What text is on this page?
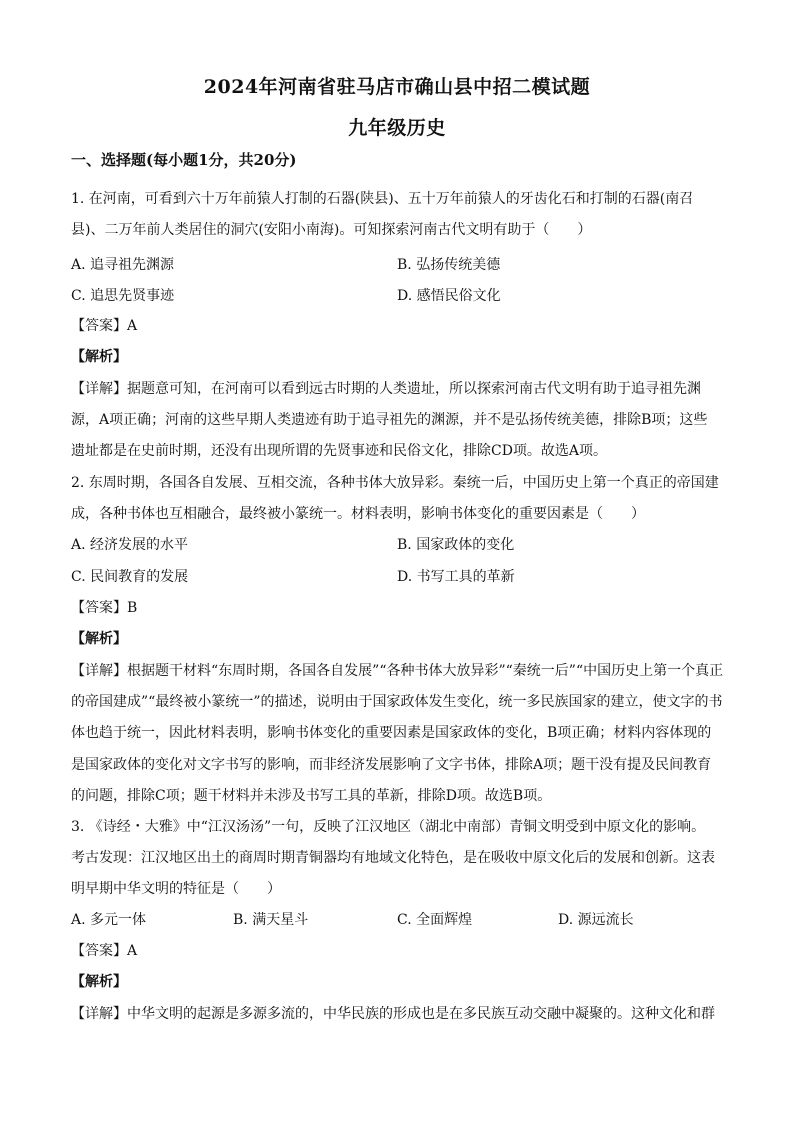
2024年河南省驻马店市确山县中招二模试题
九年级历史
一、选择题(每小题1分，共20分)
1. 在河南，可看到六十万年前猿人打制的石器(陕县)、五十万年前猿人的牙齿化石和打制的石器(南召
县)、二万年前人类居住的洞穴(安阳小南海)。可知探索河南古代文明有助于（　　）
A. 追寻祖先渊源	B. 弘扬传统美德
C. 追思先贤事迹	D. 感悟民俗文化
【答案】A
【解析】
【详解】据题意可知，在河南可以看到远古时期的人类遗址，所以探索河南古代文明有助于追寻祖先渊
源，A项正确；河南的这些早期人类遗迹有助于追寻祖先的渊源，并不是弘扬传统美德，排除B项；这些
遗址都是在史前时期，还没有出现所谓的先贤事迹和民俗文化，排除CD项。故选A项。
2. 东周时期，各国各自发展、互相交流，各种书体大放异彩。秦统一后，中国历史上第一个真正的帝国建
成，各种书体也互相融合，最终被小篆统一。材料表明，影响书体变化的重要因素是（　　）
A. 经济发展的水平	B. 国家政体的变化
C. 民间教育的发展	D. 书写工具的革新
【答案】B
【解析】
【详解】根据题干材料“东周时期，各国各自发展”“各种书体大放异彩”“秦统一后”“中国历史上第一个真正
的帝国建成”“最终被小篆统一”的描述，说明由于国家政体发生变化，统一多民族国家的建立，使文字的书
体也趋于统一，因此材料表明，影响书体变化的重要因素是国家政体的变化，B项正确；材料内容体现的
是国家政体的变化对文字书写的影响，而非经济发展影响了文字书体，排除A项；题干没有提及民间教育
的问题，排除C项；题干材料并未涉及书写工具的革新，排除D项。故选B项。
3. 《诗经・大雅》中“江汉汤汤”一句，反映了江汉地区（湖北中南部）青铜文明受到中原文化的影响。
考古发现：江汉地区出土的商周时期青铜器均有地域文化特色，是在吸收中原文化后的发展和创新。这表
明早期中华文明的特征是（　　）
A. 多元一体	B. 满天星斗	C. 全面辉煌	D. 源远流长
【答案】A
【解析】
【详解】中华文明的起源是多源多流的，中华民族的形成也是在多民族互动交融中凝聚的。这种文化和群
